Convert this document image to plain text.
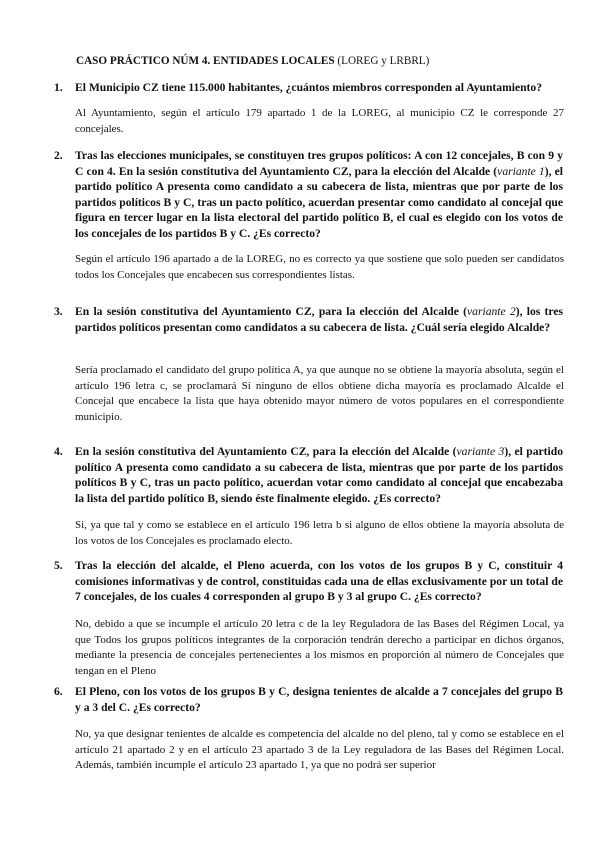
CASO PRÁCTICO NÚM 4. ENTIDADES LOCALES (LOREG y LRBRL)
1. El Municipio CZ tiene 115.000 habitantes, ¿cuántos miembros corresponden al Ayuntamiento?
Al Ayuntamiento, según el artículo 179 apartado 1 de la LOREG, al municipio CZ le corresponde 27 concejales.
2. Tras las elecciones municipales, se constituyen tres grupos políticos: A con 12 concejales, B con 9 y C con 4. En la sesión constitutiva del Ayuntamiento CZ, para la elección del Alcalde (variante 1), el partido político A presenta como candidato a su cabecera de lista, mientras que por parte de los partidos políticos B y C, tras un pacto político, acuerdan presentar como candidato al concejal que figura en tercer lugar en la lista electoral del partido político B, el cual es elegido con los votos de los concejales de los partidos B y C. ¿Es correcto?
Según el artículo 196 apartado a de la LOREG, no es correcto ya que sostiene que solo pueden ser candidatos todos los Concejales que encabecen sus correspondientes listas.
3. En la sesión constitutiva del Ayuntamiento CZ, para la elección del Alcalde (variante 2), los tres partidos políticos presentan como candidatos a su cabecera de lista. ¿Cuál sería elegido Alcalde?
Sería proclamado el candidato del grupo política A, ya que aunque no se obtiene la mayoría absoluta, según el artículo 196 letra c, se proclamará Si ninguno de ellos obtiene dicha mayoría es proclamado Alcalde el Concejal que encabece la lista que haya obtenido mayor número de votos populares en el correspondiente municipio.
4. En la sesión constitutiva del Ayuntamiento CZ, para la elección del Alcalde (variante 3), el partido político A presenta como candidato a su cabecera de lista, mientras que por parte de los partidos políticos B y C, tras un pacto político, acuerdan votar como candidato al concejal que encabezaba la lista del partido político B, siendo éste finalmente elegido. ¿Es correcto?
Si, ya que tal y como se establece en el artículo 196 letra b si alguno de ellos obtiene la mayoría absoluta de los votos de los Concejales es proclamado electo.
5. Tras la elección del alcalde, el Pleno acuerda, con los votos de los grupos B y C, constituir 4 comisiones informativas y de control, constituidas cada una de ellas exclusivamente por un total de 7 concejales, de los cuales 4 corresponden al grupo B y 3 al grupo C. ¿Es correcto?
No, debido a que se incumple el artículo 20 letra c de la ley Reguladora de las Bases del Régimen Local, ya que Todos los grupos políticos integrantes de la corporación tendrán derecho a participar en dichos órganos, mediante la presencia de concejales pertenecientes a los mismos en proporción al número de Concejales que tengan en el Pleno
6. El Pleno, con los votos de los grupos B y C, designa tenientes de alcalde a 7 concejales del grupo B y a 3 del C. ¿Es correcto?
No, ya que designar tenientes de alcalde es competencia del alcalde no del pleno, tal y como se establece en el artículo 21 apartado 2 y en el artículo 23 apartado 3 de la Ley reguladora de las Bases del Régimen Local. Además, también incumple el artículo 23 apartado 1, ya que no podrá ser superior
